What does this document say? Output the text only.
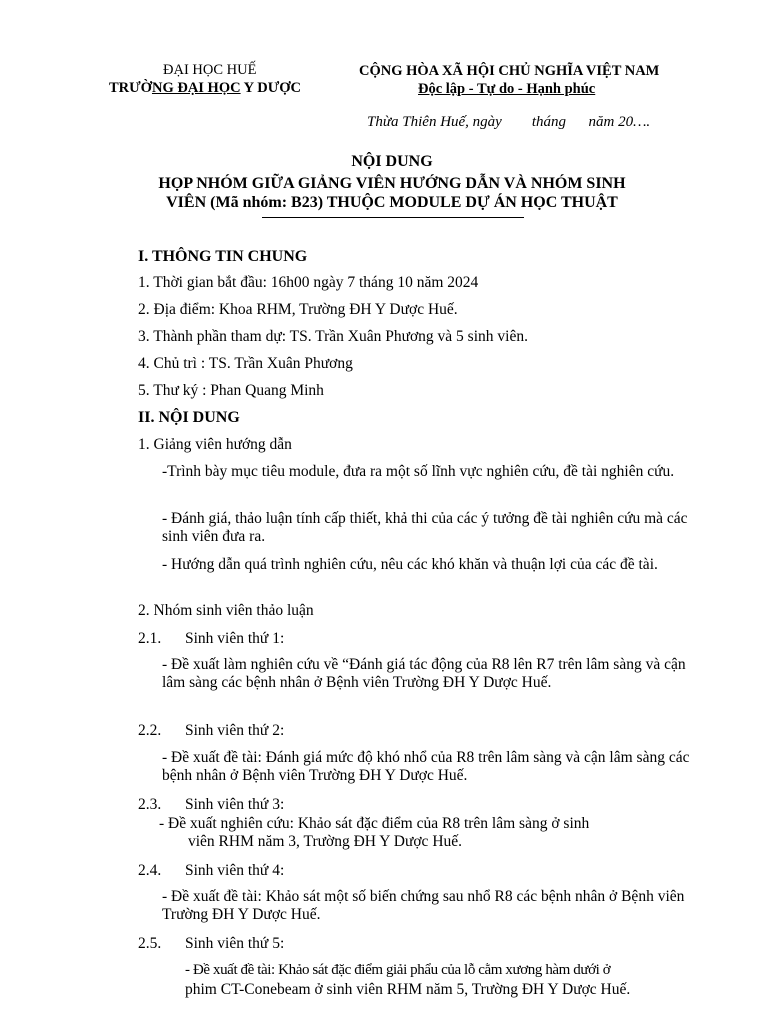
ĐẠI HỌC HUẾ
TRƯỜNG ĐẠI HỌC Y DƯỢC
CỘNG HÒA XÃ HỘI CHỦ NGHĨA VIỆT NAM
Độc lập - Tự do - Hạnh phúc
Thừa Thiên Huế, ngày        tháng      năm 20….
NỘI DUNG
HỌP NHÓM GIỮA GIẢNG VIÊN HƯỚNG DẪN VÀ NHÓM SINH
VIÊN (Mã nhóm: B23) THUỘC MODULE DỰ ÁN HỌC THUẬT
I. THÔNG TIN CHUNG
1. Thời gian bắt đầu: 16h00 ngày 7 tháng 10 năm 2024
2. Địa điểm: Khoa RHM, Trường ĐH Y Dược Huế.
3. Thành phần tham dự: TS. Trần Xuân Phương và 5 sinh viên.
4. Chủ trì : TS. Trần Xuân Phương
5. Thư ký : Phan Quang Minh
II. NỘI DUNG
1. Giảng viên hướng dẫn
-Trình bày mục tiêu module, đưa ra một số lĩnh vực nghiên cứu, đề tài nghiên cứu.
- Đánh giá, thảo luận tính cấp thiết, khả thi của các ý tưởng đề tài nghiên cứu mà các sinh viên đưa ra.
- Hướng dẫn quá trình nghiên cứu, nêu các khó khăn và thuận lợi của các đề tài.
2. Nhóm sinh viên thảo luận
2.1. Sinh viên thứ 1:
- Đề xuất làm nghiên cứu về “Đánh giá tác động của R8 lên R7 trên lâm sàng và cận lâm sàng các bệnh nhân ở Bệnh viên Trường ĐH Y Dược Huế.
2.2. Sinh viên thứ 2:
- Đề xuất đề tài: Đánh giá mức độ khó nhổ của R8 trên lâm sàng và cận lâm sàng các bệnh nhân ở Bệnh viên Trường ĐH Y Dược Huế.
2.3. Sinh viên thứ 3:
- Đề xuất nghiên cứu: Khảo sát đặc điểm của R8 trên lâm sàng ở sinh
viên RHM năm 3, Trường ĐH Y Dược Huế.
2.4. Sinh viên thứ 4:
- Đề xuất đề tài: Khảo sát một số biến chứng sau nhổ R8 các bệnh nhân ở Bệnh viên Trường ĐH Y Dược Huế.
2.5. Sinh viên thứ 5:
- Đề xuất đề tài: Khảo sát đặc điểm giải phẩu của lỗ cằm xương hàm dưới ở
phim CT-Conebeam ở sinh viên RHM năm 5, Trường ĐH Y Dược Huế.
